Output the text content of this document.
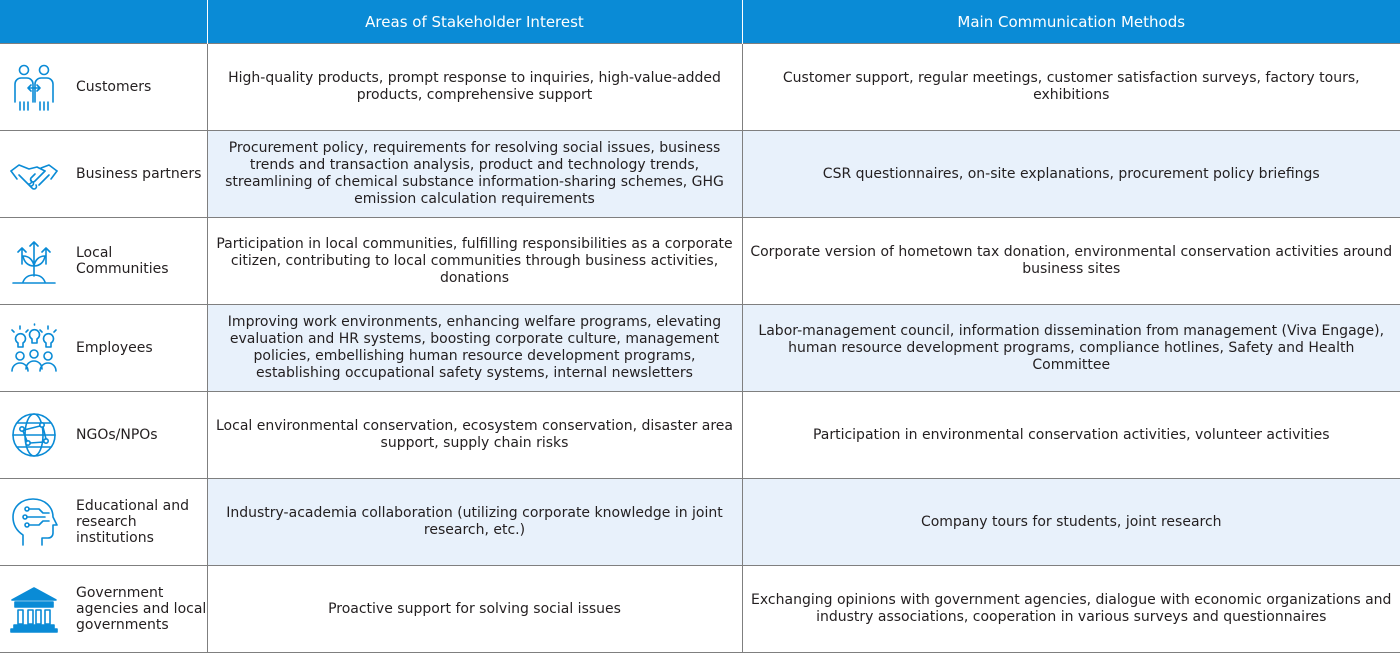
	Areas of Stakeholder Interest	Main Communication Methods

Customers	High-quality products, prompt response to inquiries, high-value-added products, comprehensive support	Customer support, regular meetings, customer satisfaction surveys, factory tours, exhibitions

Business partners	Procurement policy, requirements for resolving social issues, business trends and transaction analysis, product and technology trends, streamlining of chemical substance information-sharing schemes, GHG emission calculation requirements	CSR questionnaires, on-site explanations, procurement policy briefings

Local Communities	Participation in local communities, fulfilling responsibilities as a corporate citizen, contributing to local communities through business activities, donations	Corporate version of hometown tax donation, environmental conservation activities around business sites

Employees	Improving work environments, enhancing welfare programs, elevating evaluation and HR systems, boosting corporate culture, management policies, embellishing human resource development programs, establishing occupational safety systems, internal newsletters	Labor-management council, information dissemination from management (Viva Engage), human resource development programs, compliance hotlines, Safety and Health Committee

NGOs/NPOs	Local environmental conservation, ecosystem conservation, disaster area support, supply chain risks	Participation in environmental conservation activities, volunteer activities

Educational and research institutions	Industry-academia collaboration (utilizing corporate knowledge in joint research, etc.)	Company tours for students, joint research

Government agencies and local governments	Proactive support for solving social issues	Exchanging opinions with government agencies, dialogue with economic organizations and industry associations, cooperation in various surveys and questionnaires
